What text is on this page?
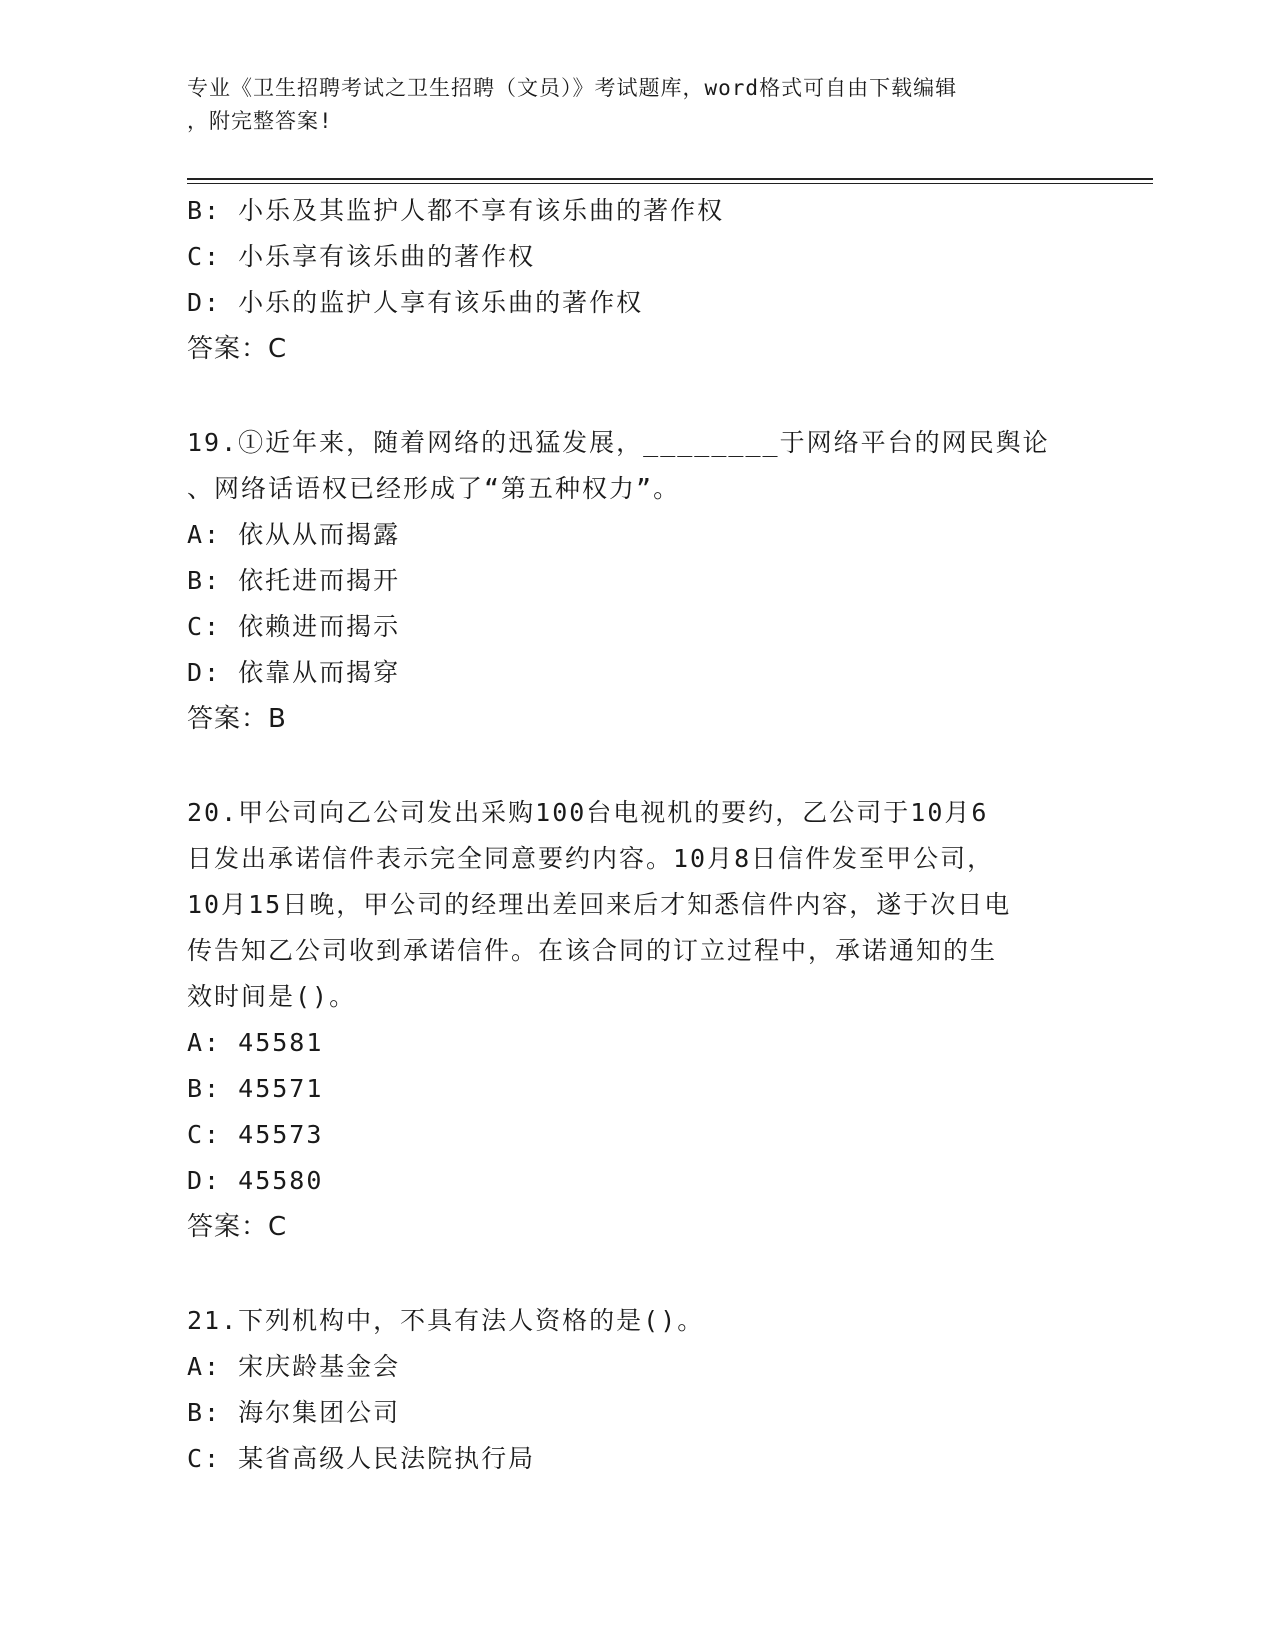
专业《卫生招聘考试之卫生招聘（文员）》考试题库，word格式可自由下载编辑
，附完整答案!
B: 小乐及其监护人都不享有该乐曲的著作权
C: 小乐享有该乐曲的著作权
D: 小乐的监护人享有该乐曲的著作权
答案：C
19.①近年来，随着网络的迅猛发展，________于网络平台的网民舆论
、网络话语权已经形成了“第五种权力”。
A: 依从从而揭露
B: 依托进而揭开
C: 依赖进而揭示
D: 依靠从而揭穿
答案：B
20.甲公司向乙公司发出采购100台电视机的要约，乙公司于10月6
日发出承诺信件表示完全同意要约内容。10月8日信件发至甲公司，
10月15日晚，甲公司的经理出差回来后才知悉信件内容，遂于次日电
传告知乙公司收到承诺信件。在该合同的订立过程中，承诺通知的生
效时间是()。
A: 45581
B: 45571
C: 45573
D: 45580
答案：C
21.下列机构中，不具有法人资格的是()。
A: 宋庆龄基金会
B: 海尔集团公司
C: 某省高级人民法院执行局
